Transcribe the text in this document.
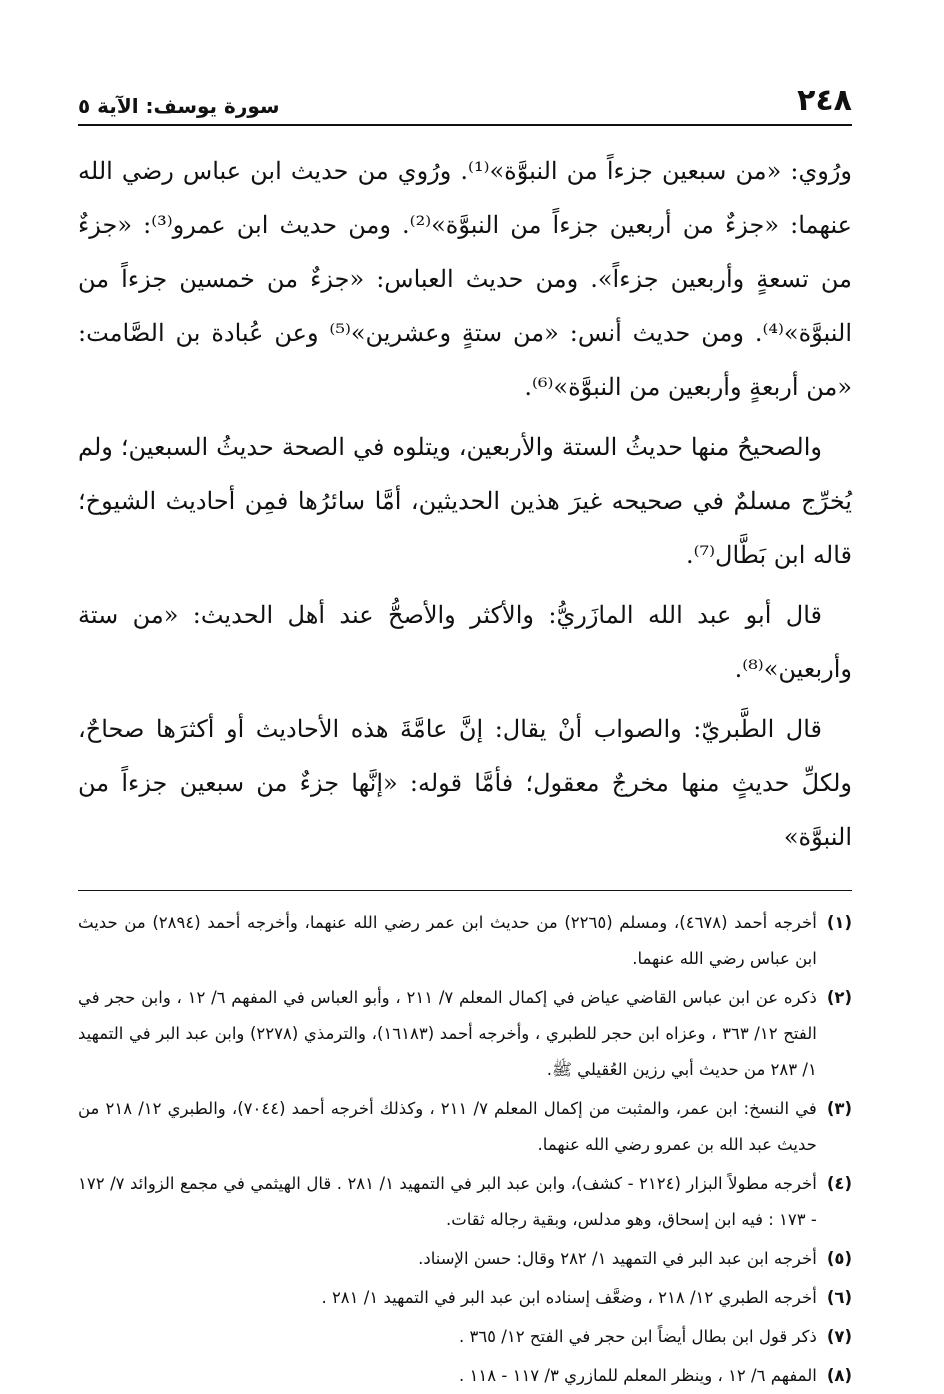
٢٤٨
سورة يوسف: الآية ٥

ورُوي: «من سبعين جزءاً من النبوَّة»⁽¹⁾. ورُوي من حديث ابن عباس رضي الله عنهما: «جزءٌ من أربعين جزءاً من النبوَّة»⁽²⁾. ومن حديث ابن عمرو⁽³⁾: «جزءٌ من تسعةٍ وأربعين جزءاً». ومن حديث العباس: «جزءٌ من خمسين جزءاً من النبوَّة»⁽⁴⁾. ومن حديث أنس: «من ستةٍ وعشرين»⁽⁵⁾ وعن عُبادة بن الصَّامت: «من أربعةٍ وأربعين من النبوَّة»⁽⁶⁾.

والصحيحُ منها حديثُ الستة والأربعين، ويتلوه في الصحة حديثُ السبعين؛ ولم يُخرِّج مسلمٌ في صحيحه غيرَ هذين الحديثين، أمَّا سائرُها فمِن أحاديث الشيوخ؛ قاله ابن بَطَّال⁽⁷⁾.

قال أبو عبد الله المازَريُّ: والأكثر والأصحُّ عند أهل الحديث: «من ستة وأربعين»⁽⁸⁾.

قال الطَّبريّ: والصواب أنْ يقال: إنَّ عامَّةَ هذه الأحاديث أو أكثرَها صحاحٌ، ولكلِّ حديثٍ منها مخرجٌ معقول؛ فأمَّا قوله: «إنَّها جزءٌ من سبعين جزءاً من النبوَّة»

(١)
أخرجه أحمد (٤٦٧٨)، ومسلم (٢٢٦٥) من حديث ابن عمر رضي الله عنهما، وأخرجه أحمد (٢٨٩٤) من حديث ابن عباس رضي الله عنهما.
(٢)
ذكره عن ابن عباس القاضي عياض في إكمال المعلم ٧/ ٢١١ ، وأبو العباس في المفهم ٦/ ١٢ ، وابن حجر في الفتح ١٢/ ٣٦٣ ، وعزاه ابن حجر للطبري ، وأخرجه أحمد (١٦١٨٣)، والترمذي (٢٢٧٨) وابن عبد البر في التمهيد ١/ ٢٨٣ من حديث أبي رزين العُقيلي ﷺ.
(٣)
في النسخ: ابن عمر، والمثبت من إكمال المعلم ٧/ ٢١١ ، وكذلك أخرجه أحمد (٧٠٤٤)، والطبري ١٢/ ٢١٨ من حديث عبد الله بن عمرو رضي الله عنهما.
(٤)
أخرجه مطولاً البزار (٢١٢٤ - كشف)، وابن عبد البر في التمهيد ١/ ٢٨١ . قال الهيثمي في مجمع الزوائد ٧/ ١٧٢ - ١٧٣ : فيه ابن إسحاق، وهو مدلس، وبقية رجاله ثقات.
(٥)
أخرجه ابن عبد البر في التمهيد ١/ ٢٨٢ وقال: حسن الإسناد.
(٦)
أخرجه الطبري ١٢/ ٢١٨ ، وضعَّف إسناده ابن عبد البر في التمهيد ١/ ٢٨١ .
(٧)
ذكر قول ابن بطال أيضاً ابن حجر في الفتح ١٢/ ٣٦٥ .
(٨)
المفهم ٦/ ١٢ ، وينظر المعلم للمازري ٣/ ١١٧ - ١١٨ .
